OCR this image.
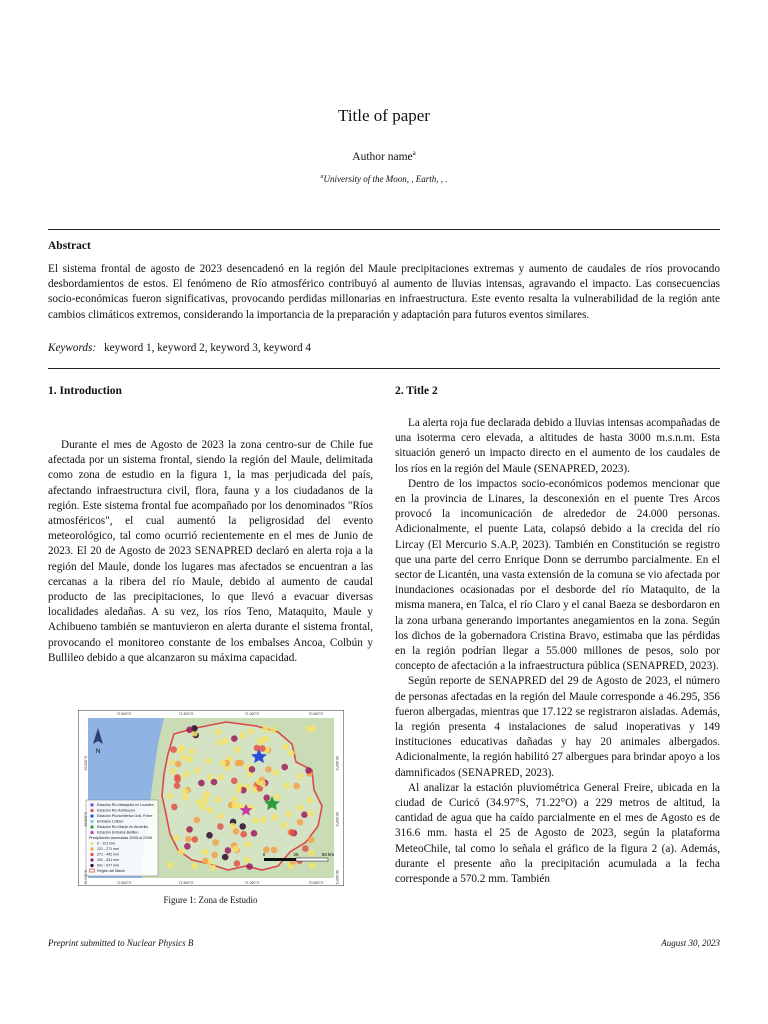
Title of paper
Author name$^a$
$^a$University of the Moon, , Earth, , .
Abstract

El sistema frontal de agosto de 2023 desencadenó en la región del Maule precipitaciones extremas y aumento de caudales de ríos provocando desbordamientos de estos. El fenómeno de Río atmosférico contribuyó al aumento de lluvias intensas, agravando el impacto. Las consecuencias socio-económicas fueron significativas, provocando perdidas millonarias en infraestructura. Este evento resalta la vulnerabilidad de la región ante cambios climáticos extremos, considerando la importancia de la preparación y adaptación para futuros eventos similares.

Keywords: keyword 1, keyword 2, keyword 3, keyword 4
1. Introduction

Durante el mes de Agosto de 2023 la zona centro-sur de Chile fue afectada por un sistema frontal, siendo la región del Maule, delimitada como zona de estudio en la figura 1, la mas perjudicada del país, afectando infraestructura civil, flora, fauna y a los ciudadanos de la región. Este sistema frontal fue acompañado por los denominados "Ríos atmosféricos", el cual aumentó la peligrosidad del evento meteorológico, tal como ocurrió recientemente en el mes de Junio de 2023. El 20 de Agosto de 2023 SENAPRED declaró en alerta roja a la región del Maule, donde los lugares mas afectados se encuentran a las cercanas a la ribera del río Maule, debido al aumento de caudal producto de las precipitaciones, lo que llevó a evacuar diversas localidades aledañas. A su vez, los ríos Teno, Mataquito, Maule y Achibueno también se mantuvieron en alerta durante el sistema frontal, provocando el monitoreo constante de los embalses Ancoa, Colbún y Bullileo debido a que alcanzaron su máxima capacidad.

N
Estación Río Mataquito en Licantén
Estación Río Achibueno
Estación Pluviométrica Gral. Freire
Embalse Colbún
Estación Río Maule en Armerillo
Estación Embalse Bullileo
Precipitación acumulada 20/08 al 21/08
0 - 121 mm
121 - 271 mm
271 - 402 mm
402 - 541 mm
541 - 677 mm
Región del Maule
0	25	50 km
72.500°O	71.500°O	71.000°O	70.500°O
72.500°O	71.500°O	71.000°O	70.500°O
35.000°S
35.500°S
36.000°S
35.000°S
35.500°S
36.000°S
Figure 1: Zona de Estudio
2. Title 2

La alerta roja fue declarada debido a lluvias intensas acompañadas de una isoterma cero elevada, a altitudes de hasta 3000 m.s.n.m. Esta situación generó un impacto directo en el aumento de los caudales de los ríos en la región del Maule (SENAPRED, 2023).

Dentro de los impactos socio-económicos podemos mencionar que en la provincia de Linares, la desconexión en el puente Tres Arcos provocó la incomunicación de alrededor de 24.000 personas. Adicionalmente, el puente Lata, colapsó debido a la crecida del río Lircay (El Mercurio S.A.P, 2023). También en Constitución se registro que una parte del cerro Enrique Donn se derrumbo parcialmente. En el sector de Licantén, una vasta extensión de la comuna se vio afectada por inundaciones ocasionadas por el desborde del río Mataquito, de la misma manera, en Talca, el río Claro y el canal Baeza se desbordaron en la zona urbana generando importantes anegamientos en la zona. Según los dichos de la gobernadora Cristina Bravo, estimaba que las pérdidas en la región podrían llegar a 55.000 millones de pesos, solo por concepto de afectación a la infraestructura pública (SENAPRED, 2023).

Según reporte de SENAPRED del 29 de Agosto de 2023, el número de personas afectadas en la región del Maule corresponde a 46.295, 356 fueron albergadas, mientras que 17.122 se registraron aisladas. Además, la región presenta 4 instalaciones de salud inoperativas y 149 instituciones educativas dañadas y hay 20 animales albergados. Adicionalmente, la región habilitó 27 albergues para brindar apoyo a los damnificados (SENAPRED, 2023).

Al analizar la estación pluviométrica General Freire, ubicada en la ciudad de Curicó (34.97°S, 71.22°O) a 229 metros de altitud, la cantidad de agua que ha caído parcialmente en el mes de Agosto es de 316.6 mm. hasta el 25 de Agosto de 2023, según la plataforma MeteoChile, tal como lo señala el gráfico de la figura 2 (a). Además, durante el presente año la precipitación acumulada a la fecha corresponde a 570.2 mm. También

Preprint submitted to Nuclear Physics B	August 30, 2023
